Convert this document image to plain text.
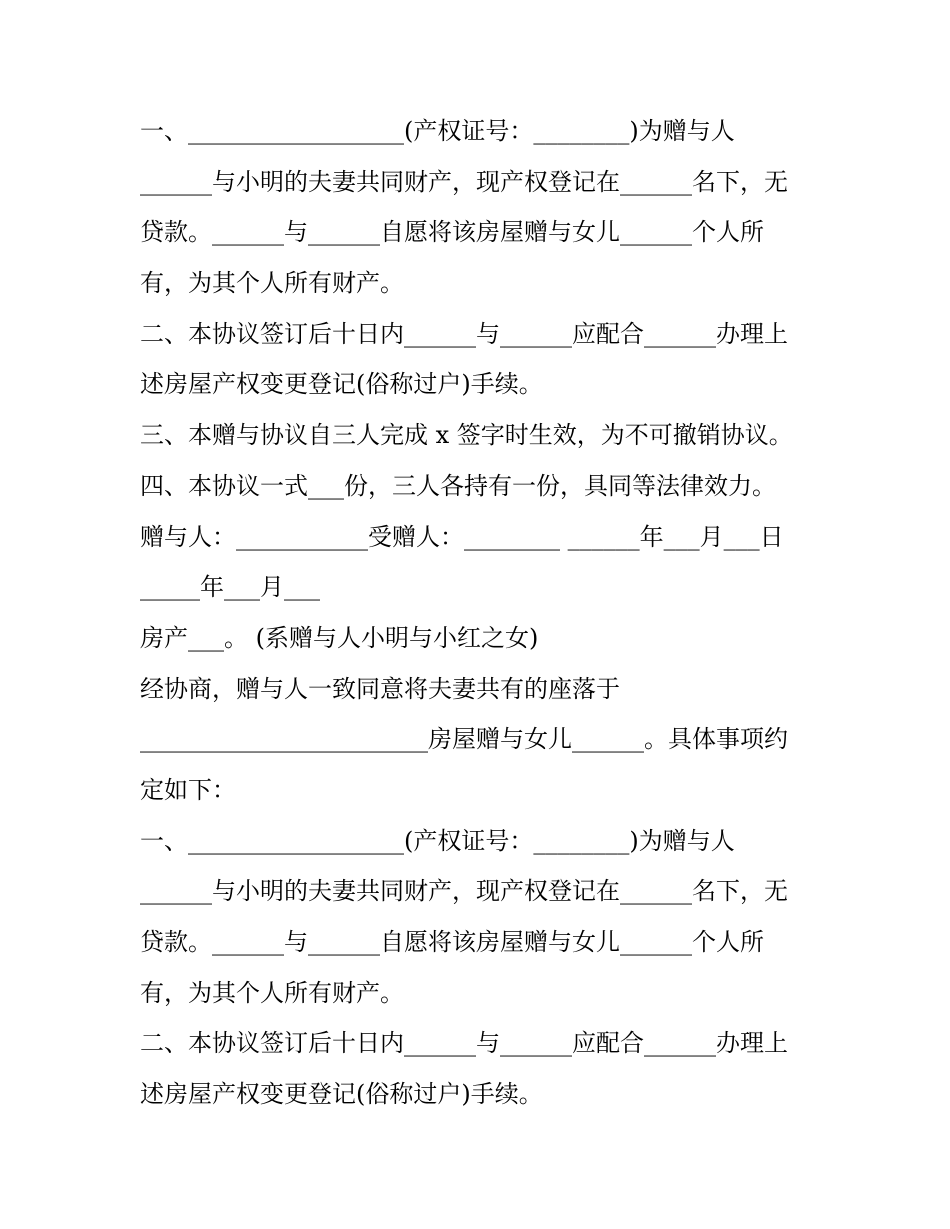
一、__________________(产权证号：________)为赠与人

______与小明的夫妻共同财产，现产权登记在______名下，无

贷款。______与______自愿将该房屋赠与女儿______个人所

有，为其个人所有财产。

二、本协议签订后十日内______与______应配合______办理上

述房屋产权变更登记(俗称过户)手续。

三、本赠与协议自三人完成 x 签字时生效，为不可撤销协议。

四、本协议一式___份，三人各持有一份，具同等法律效力。

赠与人：___________受赠人：________ ______年___月___日

_____年___月___

房产___。 (系赠与人小明与小红之女)

经协商，赠与人一致同意将夫妻共有的座落于

________________________房屋赠与女儿______。具体事项约

定如下：

一、__________________(产权证号：________)为赠与人

______与小明的夫妻共同财产，现产权登记在______名下，无

贷款。______与______自愿将该房屋赠与女儿______个人所

有，为其个人所有财产。

二、本协议签订后十日内______与______应配合______办理上

述房屋产权变更登记(俗称过户)手续。
